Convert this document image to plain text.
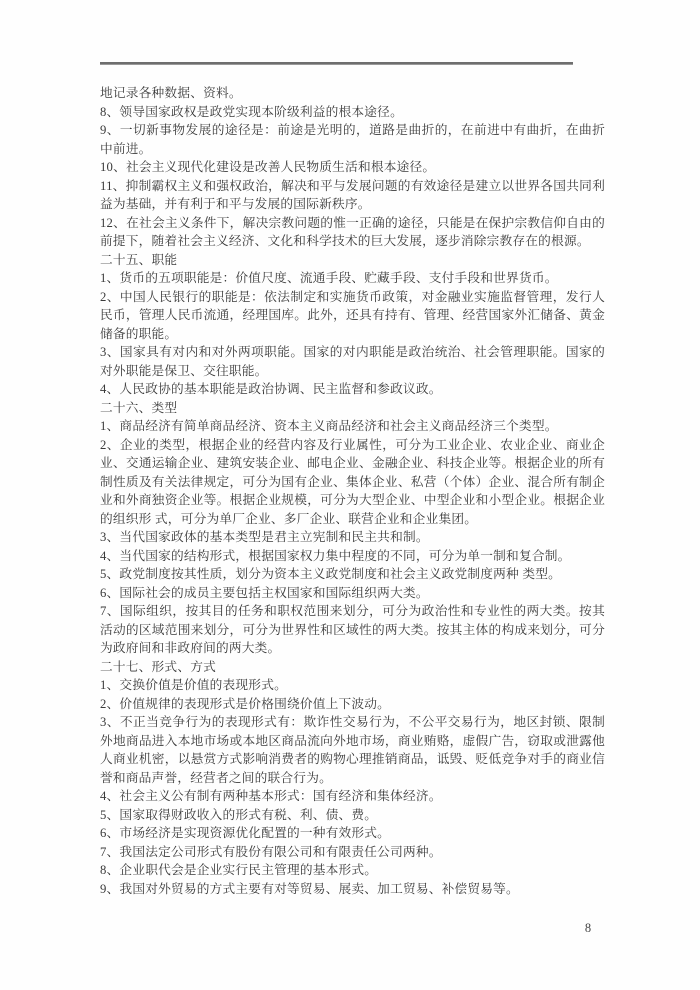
地记录各种数据、资料。

8、领导国家政权是政党实现本阶级利益的根本途径。

9、一切新事物发展的途径是：前途是光明的，道路是曲折的，在前进中有曲折，在曲折中前进。

10、社会主义现代化建设是改善人民物质生活和根本途径。

11、抑制霸权主义和强权政治，解决和平与发展问题的有效途径是建立以世界各国共同利益为基础，并有利于和平与发展的国际新秩序。

12、在社会主义条件下，解决宗教问题的惟一正确的途径，只能是在保护宗教信仰自由的前提下，随着社会主义经济、文化和科学技术的巨大发展，逐步消除宗教存在的根源。

二十五、职能

1、货币的五项职能是：价值尺度、流通手段、贮藏手段、支付手段和世界货币。

2、中国人民银行的职能是：依法制定和实施货币政策，对金融业实施监督管理，发行人民币，管理人民币流通，经理国库。此外，还具有持有、管理、经营国家外汇储备、黄金储备的职能。

3、国家具有对内和对外两项职能。国家的对内职能是政治统治、社会管理职能。国家的对外职能是保卫、交往职能。

4、人民政协的基本职能是政治协调、民主监督和参政议政。

二十六、类型

1、商品经济有简单商品经济、资本主义商品经济和社会主义商品经济三个类型。

2、企业的类型，根据企业的经营内容及行业属性，可分为工业企业、农业企业、商业企业、交通运输企业、建筑安装企业、邮电企业、金融企业、科技企业等。根据企业的所有制性质及有关法律规定，可分为国有企业、集体企业、私营（个体）企业、混合所有制企业和外商独资企业等。根据企业规模，可分为大型企业、中型企业和小型企业。根据企业的组织形 式，可分为单厂企业、多厂企业、联营企业和企业集团。

3、当代国家政体的基本类型是君主立宪制和民主共和制。

4、当代国家的结构形式，根据国家权力集中程度的不同，可分为单一制和复合制。

5、政党制度按其性质，划分为资本主义政党制度和社会主义政党制度两种 类型。

6、国际社会的成员主要包括主权国家和国际组织两大类。

7、国际组织，按其目的任务和职权范围来划分，可分为政治性和专业性的两大类。按其活动的区域范围来划分，可分为世界性和区域性的两大类。按其主体的构成来划分，可分为政府间和非政府间的两大类。

二十七、形式、方式

1、交换价值是价值的表现形式。

2、价值规律的表现形式是价格围绕价值上下波动。

3、不正当竞争行为的表现形式有：欺诈性交易行为，不公平交易行为，地区封锁、限制外地商品进入本地市场或本地区商品流向外地市场，商业贿赂，虚假广告，窃取或泄露他人商业机密，以悬赏方式影响消费者的购物心理推销商品，诋毁、贬低竞争对手的商业信誉和商品声誉，经营者之间的联合行为。

4、社会主义公有制有两种基本形式：国有经济和集体经济。

5、国家取得财政收入的形式有税、利、债、费。

6、市场经济是实现资源优化配置的一种有效形式。

7、我国法定公司形式有股份有限公司和有限责任公司两种。

8、企业职代会是企业实行民主管理的基本形式。

9、我国对外贸易的方式主要有对等贸易、展卖、加工贸易、补偿贸易等。

8
